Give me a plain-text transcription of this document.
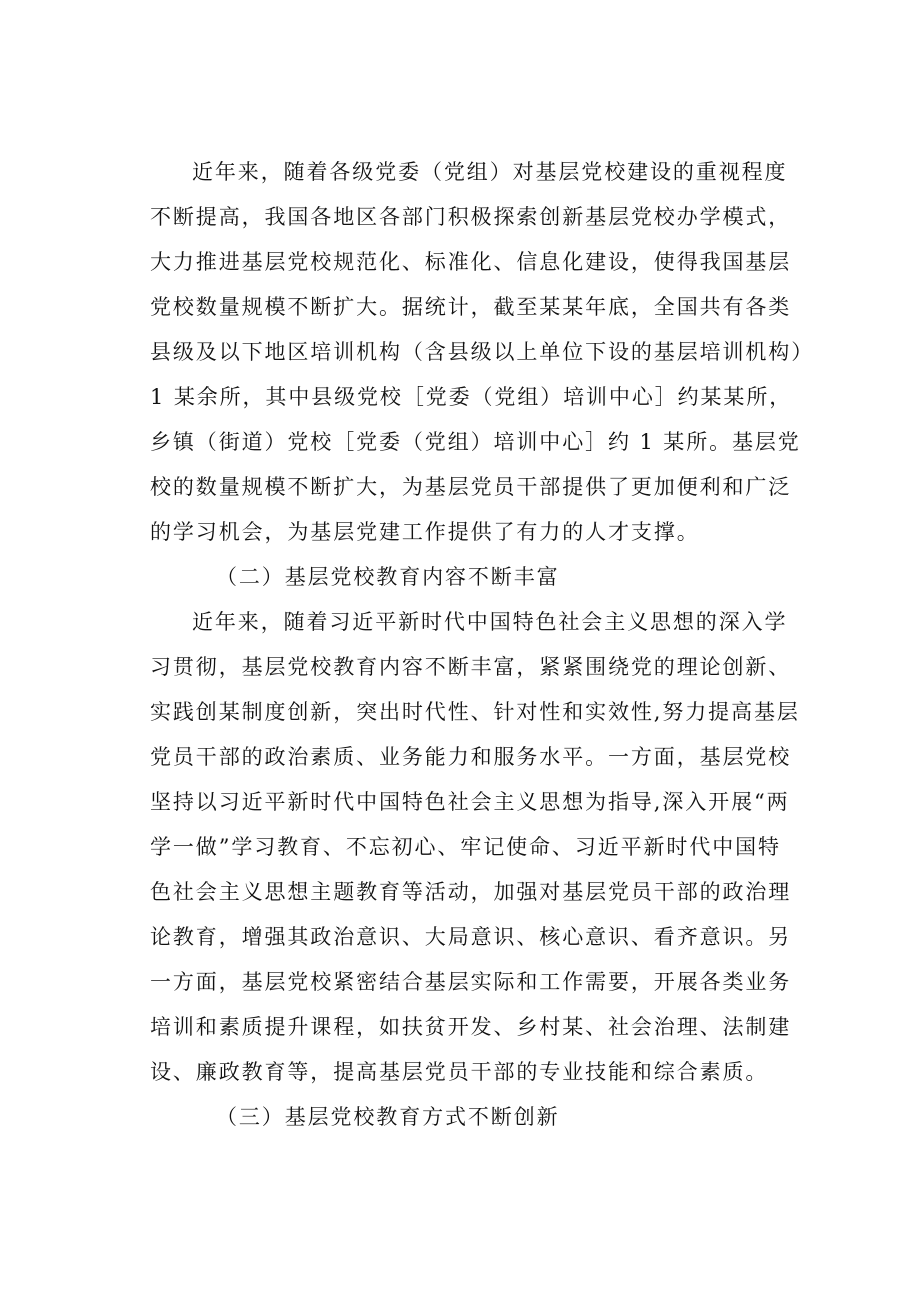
近年来，随着各级党委（党组）对基层党校建设的重视程度
不断提高，我国各地区各部门积极探索创新基层党校办学模式，
大力推进基层党校规范化、标准化、信息化建设，使得我国基层
党校数量规模不断扩大。据统计，截至某某年底，全国共有各类
县级及以下地区培训机构（含县级以上单位下设的基层培训机构）
1 某余所，其中县级党校［党委（党组）培训中心］约某某所，
乡镇（街道）党校［党委（党组）培训中心］约 1 某所。基层党
校的数量规模不断扩大，为基层党员干部提供了更加便利和广泛
的学习机会，为基层党建工作提供了有力的人才支撑。
（二）基层党校教育内容不断丰富
近年来，随着习近平新时代中国特色社会主义思想的深入学
习贯彻，基层党校教育内容不断丰富，紧紧围绕党的理论创新、
实践创某制度创新，突出时代性、针对性和实效性,努力提高基层
党员干部的政治素质、业务能力和服务水平。一方面，基层党校
坚持以习近平新时代中国特色社会主义思想为指导,深入开展“两
学一做”学习教育、不忘初心、牢记使命、习近平新时代中国特
色社会主义思想主题教育等活动，加强对基层党员干部的政治理
论教育，增强其政治意识、大局意识、核心意识、看齐意识。另
一方面，基层党校紧密结合基层实际和工作需要，开展各类业务
培训和素质提升课程，如扶贫开发、乡村某、社会治理、法制建
设、廉政教育等，提高基层党员干部的专业技能和综合素质。
（三）基层党校教育方式不断创新
